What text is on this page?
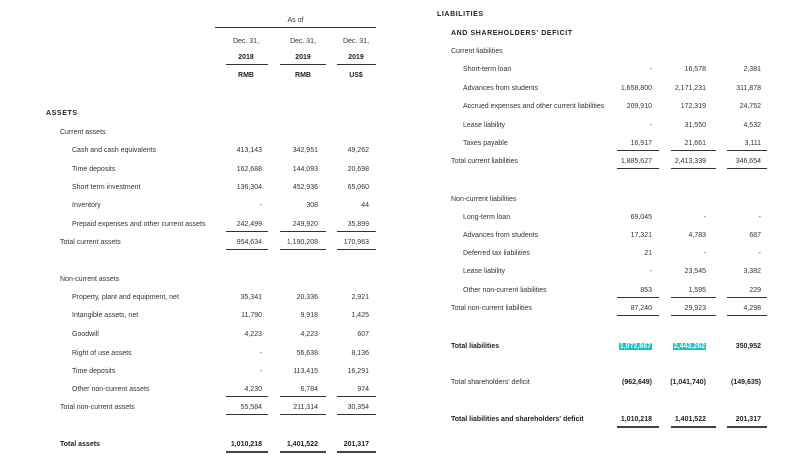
As of
Dec. 31,	Dec. 31,	Dec. 31,
2018	2019	2019
RMB	RMB	US$
ASSETS
Current assets
Cash and cash equivalents	413,143	342,951	49,262
Time deposits	162,688	144,093	20,698
Short term investment	136,304	452,936	65,060
Inventory	-	308	44
Prepaid expenses and other current assets	242,499	249,920	35,899
Total current assets	954,634	1,190,208	170,963
Property, plant and equipment, net	35,341	20,336	2,921
Intangible assets, net	11,790	9,918	1,425
Goodwill	4,223	4,223	607
Right of use assets	-	56,638	8,136
Time deposits	-	113,415	16,291
Other non-current assets	4,230	6,784	974
Total non-current assets	55,584	211,314	30,354
Total assets	1,010,218	1,401,522	201,317
Non-current assets
LIABILITIES
AND SHAREHOLDERS' DEFICIT
Current liabilities
Non-current liabilities
Short-term loan	-	16,578	2,381
Advances from students	1,658,800	2,171,231	311,878
Accrued expenses and other current liabilities	209,910	172,319	24,752
Lease liability	-	31,550	4,532
Taxes payable	16,917	21,661	3,111
Total current liabilities	1,885,627	2,413,339	346,654
Long-term loan	69,045	-	-
Advances from students	17,321	4,783	687
Deferred tax liabilities	21	-	-
Lease liability	-	23,545	3,382
Other non-current liabilities	853	1,595	229
Total non-current liabilities	87,240	29,923	4,298
Total liabilities	1,972,867	2,443,262	350,952
Total shareholders' deficit	(962,649)	(1,041,740)	(149,635)
Total liabilities and shareholders' deficit	1,010,218	1,401,522	201,317
